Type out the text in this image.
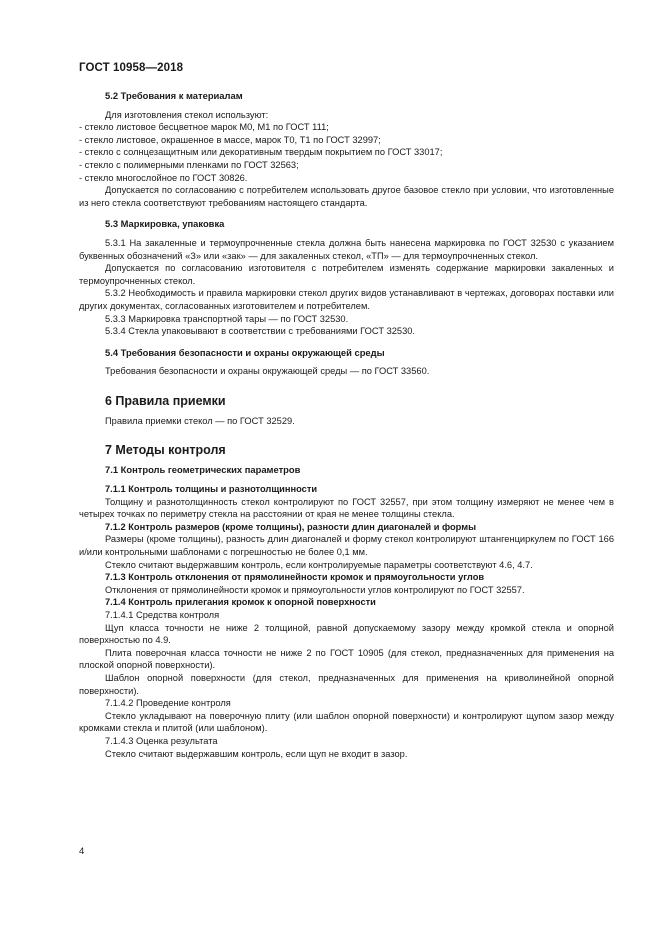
ГОСТ 10958—2018

5.2 Требования к материалам

Для изготовления стекол используют:

- стекло листовое бесцветное марок М0, М1 по ГОСТ 111;

- стекло листовое, окрашенное в массе, марок Т0, Т1 по ГОСТ 32997;

- стекло с солнцезащитным или декоративным твердым покрытием по ГОСТ 33017;

- стекло с полимерными пленками по ГОСТ 32563;

- стекло многослойное по ГОСТ 30826.

Допускается по согласованию с потребителем использовать другое базовое стекло при условии, что изготовленные из него стекла соответствуют требованиям настоящего стандарта.

5.3 Маркировка, упаковка

5.3.1 На закаленные и термоупрочненные стекла должна быть нанесена маркировка по ГОСТ 32530 с указанием буквенных обозначений «З» или «зак» — для закаленных стекол, «ТП» — для термоупрочненных стекол.

Допускается по согласованию изготовителя с потребителем изменять содержание маркировки закаленных и термоупрочненных стекол.

5.3.2 Необходимость и правила маркировки стекол других видов устанавливают в чертежах, договорах поставки или других документах, согласованных изготовителем и потребителем.

5.3.3 Маркировка транспортной тары — по ГОСТ 32530.

5.3.4 Стекла упаковывают в соответствии с требованиями ГОСТ 32530.

5.4 Требования безопасности и охраны окружающей среды

Требования безопасности и охраны окружающей среды — по ГОСТ 33560.

6 Правила приемки

Правила приемки стекол — по ГОСТ 32529.

7 Методы контроля

7.1 Контроль геометрических параметров

7.1.1 Контроль толщины и разнотолщинности

Толщину и разнотолщинность стекол контролируют по ГОСТ 32557, при этом толщину измеряют не менее чем в четырех точках по периметру стекла на расстоянии от края не менее толщины стекла.

7.1.2 Контроль размеров (кроме толщины), разности длин диагоналей и формы

Размеры (кроме толщины), разность длин диагоналей и форму стекол контролируют штангенциркулем по ГОСТ 166 и/или контрольными шаблонами с погрешностью не более 0,1 мм.

Стекло считают выдержавшим контроль, если контролируемые параметры соответствуют 4.6, 4.7.

7.1.3 Контроль отклонения от прямолинейности кромок и прямоугольности углов

Отклонения от прямолинейности кромок и прямоугольности углов контролируют по ГОСТ 32557.

7.1.4 Контроль прилегания кромок к опорной поверхности

7.1.4.1 Средства контроля

Щуп класса точности не ниже 2 толщиной, равной допускаемому зазору между кромкой стекла и опорной поверхностью по 4.9.

Плита поверочная класса точности не ниже 2 по ГОСТ 10905 (для стекол, предназначенных для применения на плоской опорной поверхности).

Шаблон опорной поверхности (для стекол, предназначенных для применения на криволинейной опорной поверхности).

7.1.4.2 Проведение контроля

Стекло укладывают на поверочную плиту (или шаблон опорной поверхности) и контролируют щупом зазор между кромками стекла и плитой (или шаблоном).

7.1.4.3 Оценка результата

Стекло считают выдержавшим контроль, если щуп не входит в зазор.

4
